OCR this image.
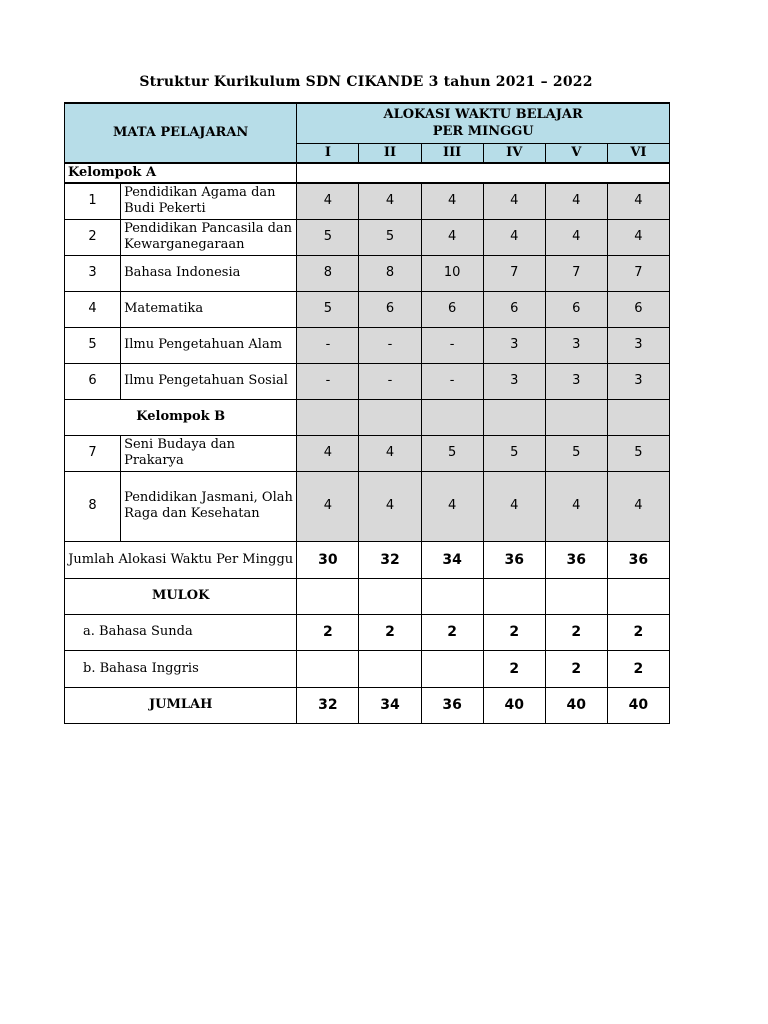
Struktur Kurikulum SDN CIKANDE 3 tahun 2021 – 2022
MATA PELAJARAN		ALOKASI WAKTU BELAJAR
PER MINGGU					

		I	II	III	IV	V	VI
Kelompok A							
1	Pendidikan Agama dan Budi Pekerti	4	4	4	4	4	4
2	Pendidikan Pancasila dan Kewarganegaraan	5	5	4	4	4	4
3	Bahasa Indonesia	8	8	10	7	7	7
4	Matematika	5	6	6	6	6	6
5	Ilmu Pengetahuan Alam	-	-	-	3	3	3
6	Ilmu Pengetahuan Sosial	-	-	-	3	3	3
Kelompok B							
7	Seni Budaya dan Prakarya	4	4	5	5	5	5
8	Pendidikan Jasmani, Olah Raga dan Kesehatan	4	4	4	4	4	4
Jumlah Alokasi Waktu Per Minggu		30	32	34	36	36	36
MULOK							
a. Bahasa Sunda		2	2	2	2	2	2
b. Bahasa Inggris					2	2	2
JUMLAH		32	34	36	40	40	40
